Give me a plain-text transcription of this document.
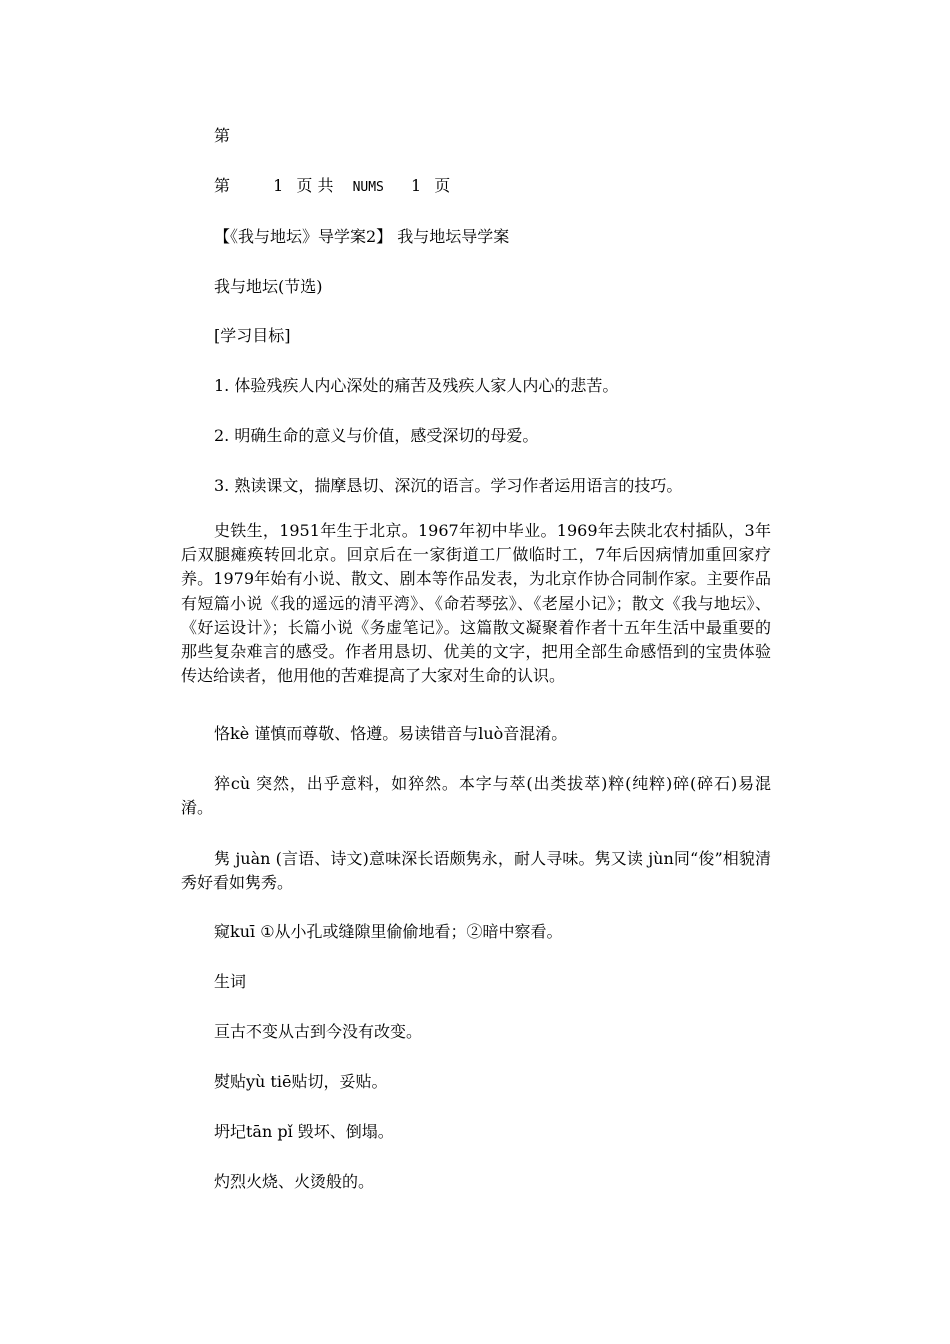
第
第	1 页 共 NUMS 1 页
【《我与地坛》导学案2】 我与地坛导学案
我与地坛(节选)
[学习目标]
1. 体验残疾人内心深处的痛苦及残疾人家人内心的悲苦。
2. 明确生命的意义与价值，感受深切的母爱。
3. 熟读课文，揣摩恳切、深沉的语言。学习作者运用语言的技巧。
史铁生，1951年生于北京。1967年初中毕业。1969年去陕北农村插队，3年后双腿瘫痪转回北京。回京后在一家街道工厂做临时工，7年后因病情加重回家疗养。1979年始有小说、散文、剧本等作品发表，为北京作协合同制作家。主要作品有短篇小说《我的遥远的清平湾》、《命若琴弦》、《老屋小记》；散文《我与地坛》、《好运设计》；长篇小说《务虚笔记》。这篇散文凝聚着作者十五年生活中最重要的那些复杂难言的感受。作者用恳切、优美的文字，把用全部生命感悟到的宝贵体验传达给读者，他用他的苦难提高了大家对生命的认识。
恪kè 谨慎而尊敬、恪遵。易读错音与luò音混淆。
猝cù 突然，出乎意料，如猝然。本字与萃(出类拔萃)粹(纯粹)碎(碎石)易混淆。
隽 juàn (言语、诗文)意味深长语颇隽永，耐人寻味。隽又读 jùn同“俊”相貌清秀好看如隽秀。
窥kuī ①从小孔或缝隙里偷偷地看；②暗中察看。
生词
亘古不变从古到今没有改变。
熨贴yù tiē贴切，妥贴。
坍圮tān pǐ 毁坏、倒塌。
灼烈火烧、火烫般的。
